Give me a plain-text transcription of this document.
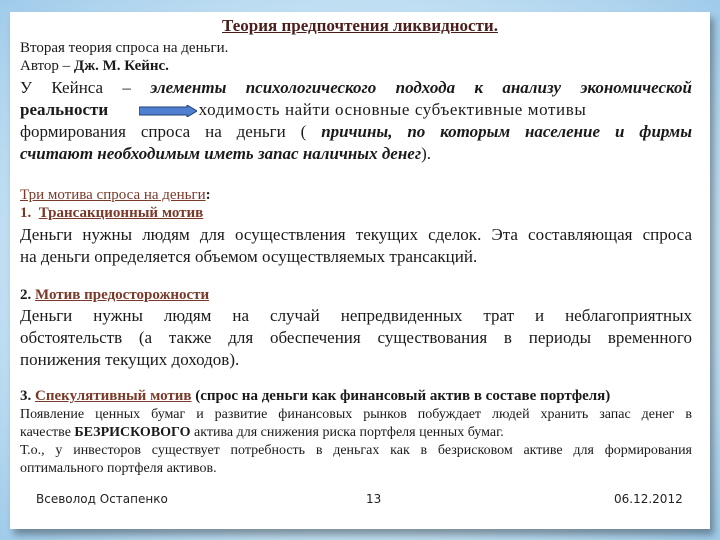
Теория предпочтения ликвидности.
Вторая теория спроса на деньги.
Автор – Дж. М. Кейнс.
У Кейнса – элементы психологического подхода к анализу экономической
реальности	ходимость найти основные субъективные мотивы
формирования спроса на деньги ( причины, по которым население и фирмы
считают необходимым иметь запас наличных денег).
Три мотива спроса на деньги:
1. Трансакционный мотив
Деньги нужны людям для осуществления текущих сделок. Эта составляющая спроса
на деньги определяется объемом осуществляемых трансакций.
2. Мотив предосторожности
Деньги нужны людям на случай непредвиденных трат и неблагоприятных
обстоятельств (а также для обеспечения существования в периоды временного
понижения текущих доходов).
3. Спекулятивный мотив (спрос на деньги как финансовый актив в составе портфеля)
Появление ценных бумаг и развитие финансовых рынков побуждает людей хранить запас денег в
качестве БЕЗРИСКОВОГО актива для снижения риска портфеля ценных бумаг.
Т.о., у инвесторов существует потребность в деньгах как в безрисковом активе для формирования
оптимального портфеля активов.
Всеволод Остапенко	13	06.12.2012
